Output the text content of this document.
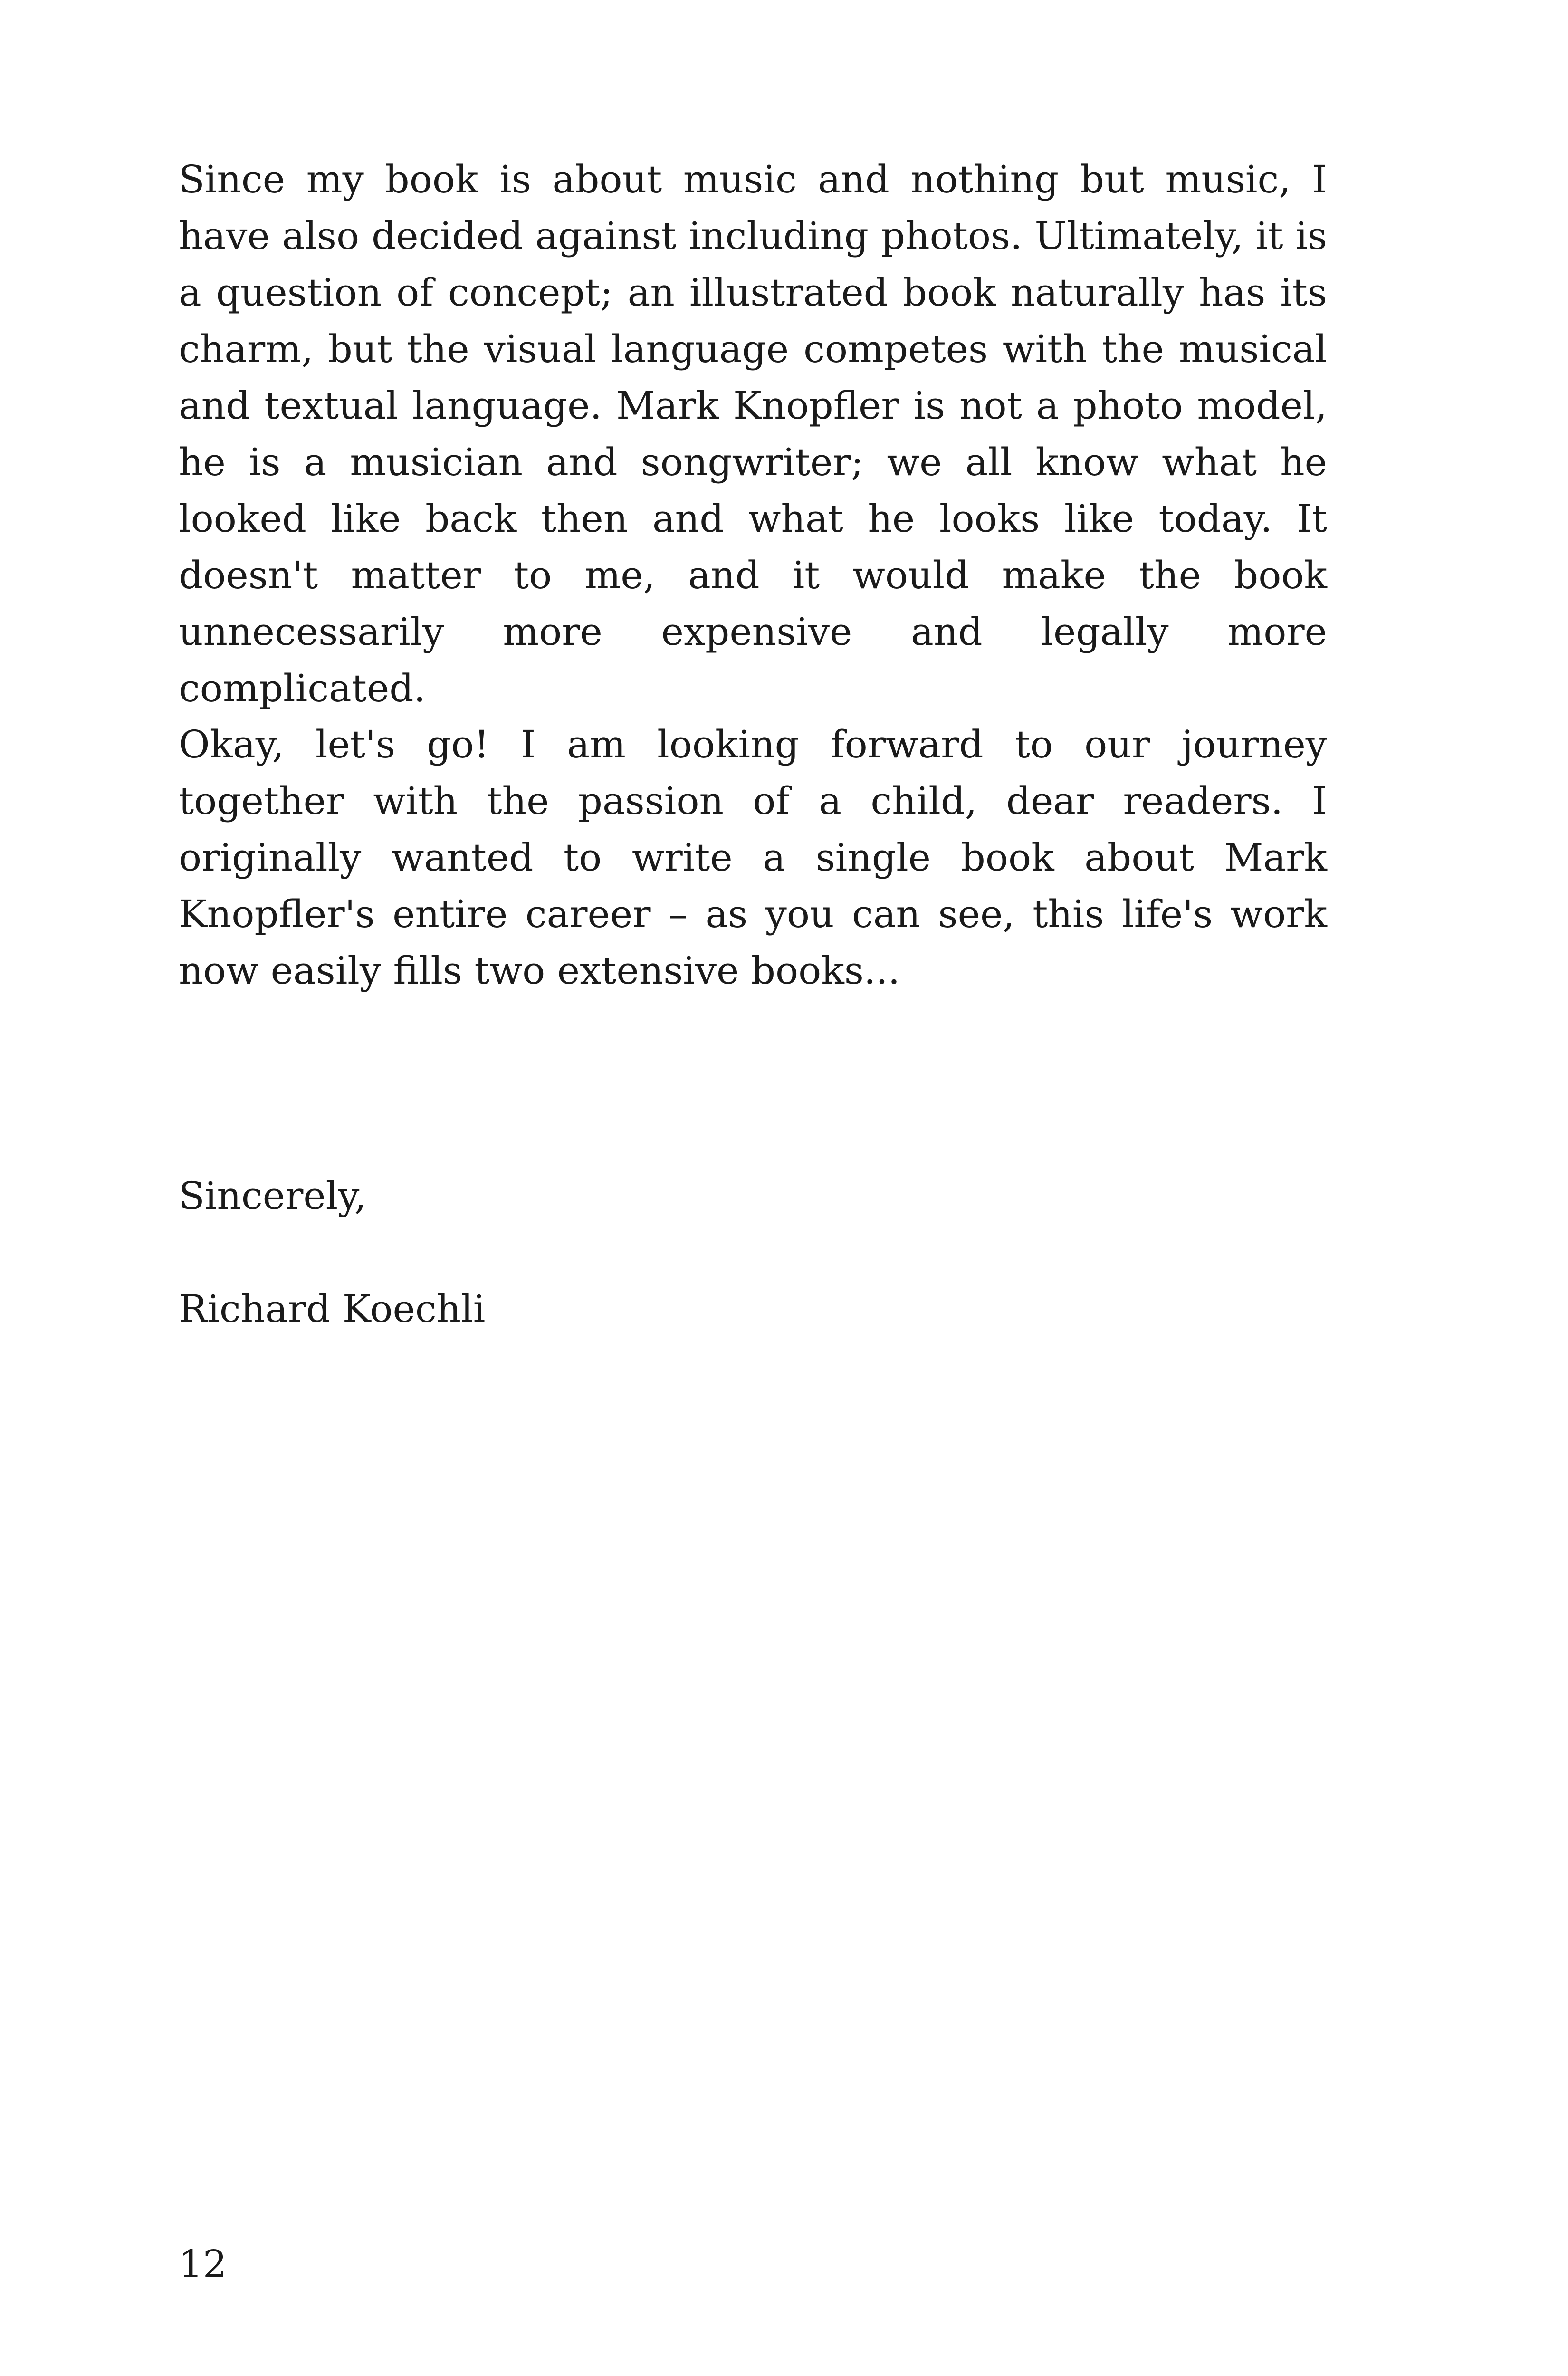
Since my book is about music and nothing but music, I have also decided against including photos. Ultimately, it is a question of concept; an illustrated book naturally has its charm, but the visual language competes with the musical and textual language. Mark Knopfler is not a photo model, he is a musician and songwriter; we all know what he looked like back then and what he looks like today. It doesn't matter to me, and it would make the book unnecessarily more expensive and legally more complicated.

Okay, let's go! I am looking forward to our journey together with the passion of a child, dear readers. I originally wanted to write a single book about Mark Knopfler's entire career – as you can see, this life's work now easily fills two extensive books...

Sincerely,
Richard Koechli
12
